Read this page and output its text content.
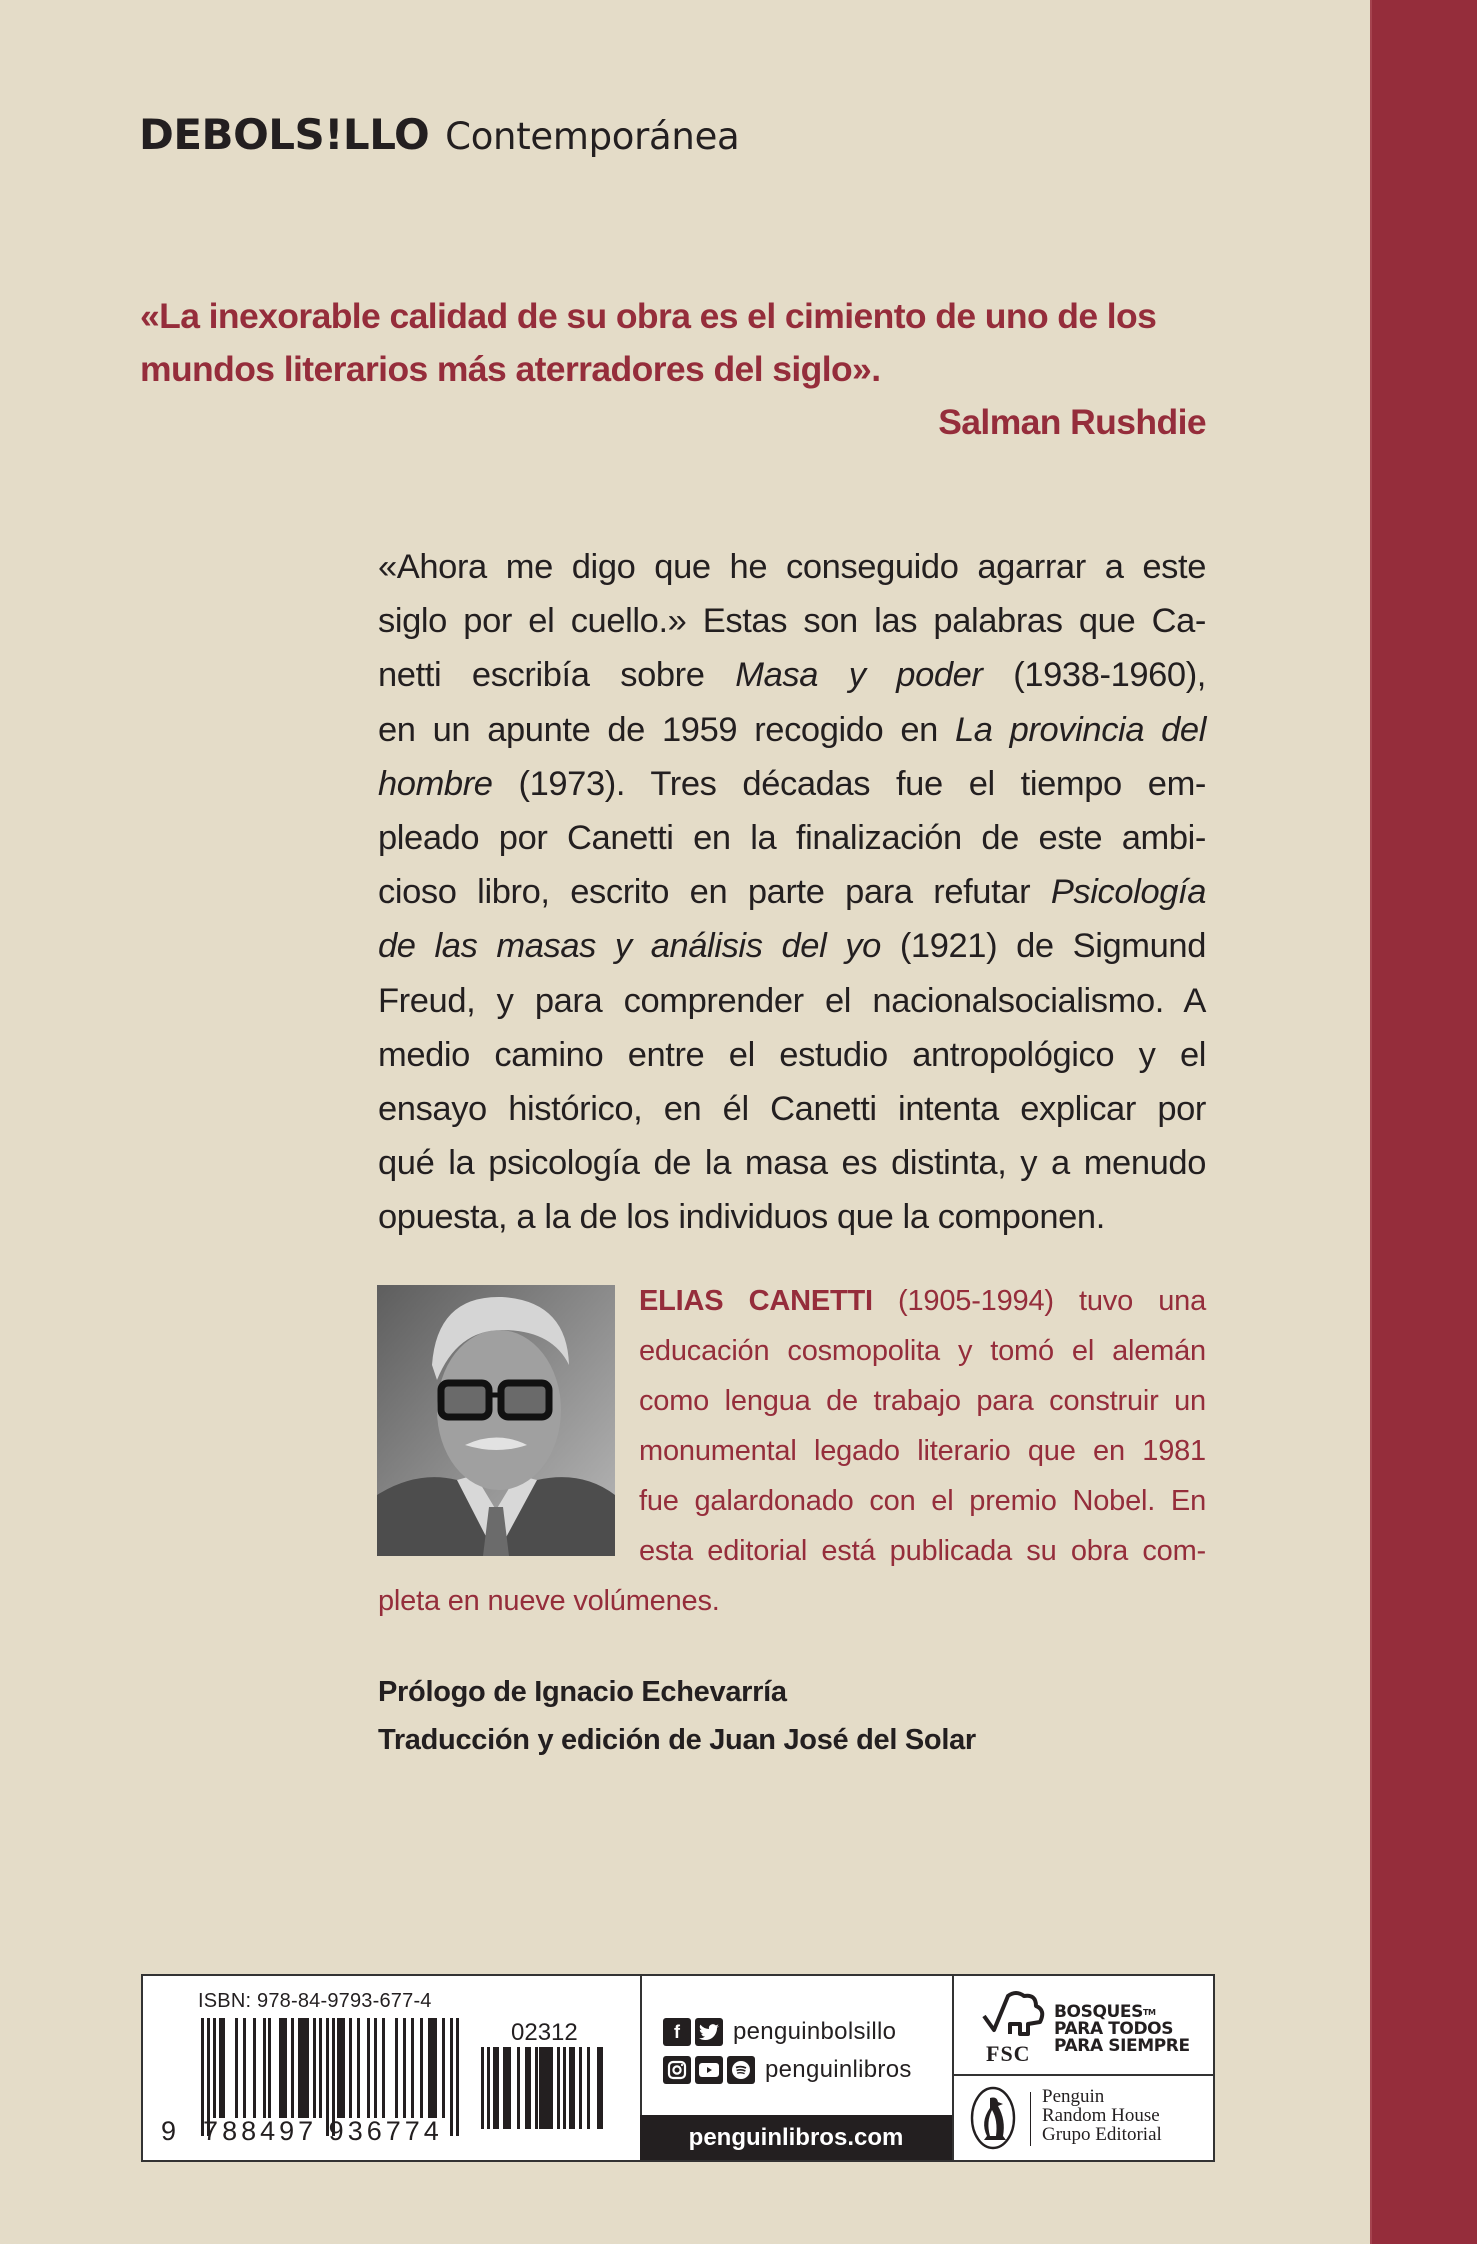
DEBOLS!LLO Contemporánea
«La inexorable calidad de su obra es el cimiento de uno de los
mundos literarios más aterradores del siglo».
Salman Rushdie
«Ahora me digo que he conseguido agarrar a este
siglo por el cuello.» Estas son las palabras que Ca-
netti escribía sobre Masa y poder (1938-1960),
en un apunte de 1959 recogido en La provincia del
hombre (1973). Tres décadas fue el tiempo em-
pleado por Canetti en la finalización de este ambi-
cioso libro, escrito en parte para refutar Psicología
de las masas y análisis del yo (1921) de Sigmund
Freud, y para comprender el nacionalsocialismo. A
medio camino entre el estudio antropológico y el
ensayo histórico, en él Canetti intenta explicar por
qué la psicología de la masa es distinta, y a menudo
opuesta, a la de los individuos que la componen.
ELIAS CANETTI (1905-1994) tuvo una
educación cosmopolita y tomó el alemán
como lengua de trabajo para construir un
monumental legado literario que en 1981
fue galardonado con el premio Nobel. En
esta editorial está publicada su obra com-
pleta en nueve volúmenes.
Prólogo de Ignacio Echevarría
Traducción y edición de Juan José del Solar
ISBN: 978-84-9793-677-4
9 788497 936774
02312	f	penguinbolsillo
penguinlibros
penguinlibros.com
FSC
BOSQUES™
PARA TODOS
PARA SIEMPRE
Penguin
Random House
Grupo Editorial
